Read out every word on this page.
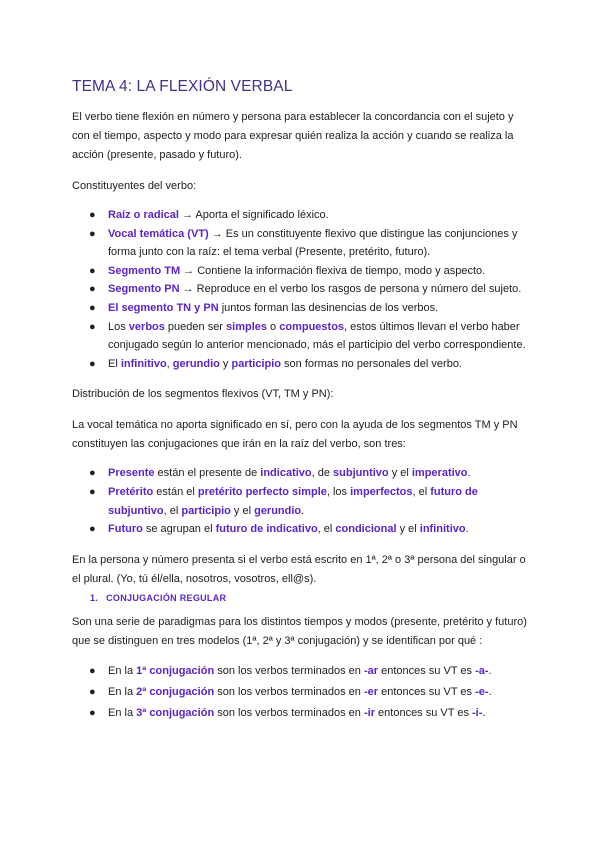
TEMA 4: LA FLEXIÓN VERBAL

El verbo tiene flexión en número y persona para establecer la concordancia con el sujeto y con el tiempo, aspecto y modo para expresar quién realiza la acción y cuando se realiza la acción (presente, pasado y futuro).

Constituyentes del verbo:

● Raíz o radical → Aporta el significado léxico.
● Vocal temática (VT) → Es un constituyente flexivo que distingue las conjunciones y forma junto con la raíz: el tema verbal (Presente, pretérito, futuro).
● Segmento TM → Contiene la información flexiva de tiempo, modo y aspecto.
● Segmento PN → Reproduce en el verbo los rasgos de persona y número del sujeto.
● El segmento TN y PN juntos forman las desinencias de los verbos.
● Los verbos pueden ser simples o compuestos, estos últimos llevan el verbo haber conjugado según lo anterior mencionado, más el participio del verbo correspondiente.
● El infinitivo, gerundio y participio son formas no personales del verbo.

Distribución de los segmentos flexivos (VT, TM y PN):

La vocal temática no aporta significado en sí, pero con la ayuda de los segmentos TM y PN constituyen las conjugaciones que irán en la raíz del verbo, son tres:

● Presente están el presente de indicativo, de subjuntivo y el imperativo.
● Pretérito están el pretérito perfecto simple, los imperfectos, el futuro de subjuntivo, el participio y el gerundio.
● Futuro se agrupan el futuro de indicativo, el condicional y el infinitivo.

En la persona y número presenta si el verbo está escrito en 1ª, 2ª o 3ª persona del singular o el plural. (Yo, tú él/ella, nosotros, vosotros, ell@s).

1. CONJUGACIÓN REGULAR

Son una serie de paradigmas para los distintos tiempos y modos (presente, pretérito y futuro) que se distinguen en tres modelos (1ª, 2ª y 3ª conjugación) y se identifican por qué :

● En la 1ª conjugación son los verbos terminados en -ar entonces su VT es -a-.
● En la 2ª conjugación son los verbos terminados en -er entonces su VT es -e-.
● En la 3ª conjugación son los verbos terminados en -ir entonces su VT es -i-.
